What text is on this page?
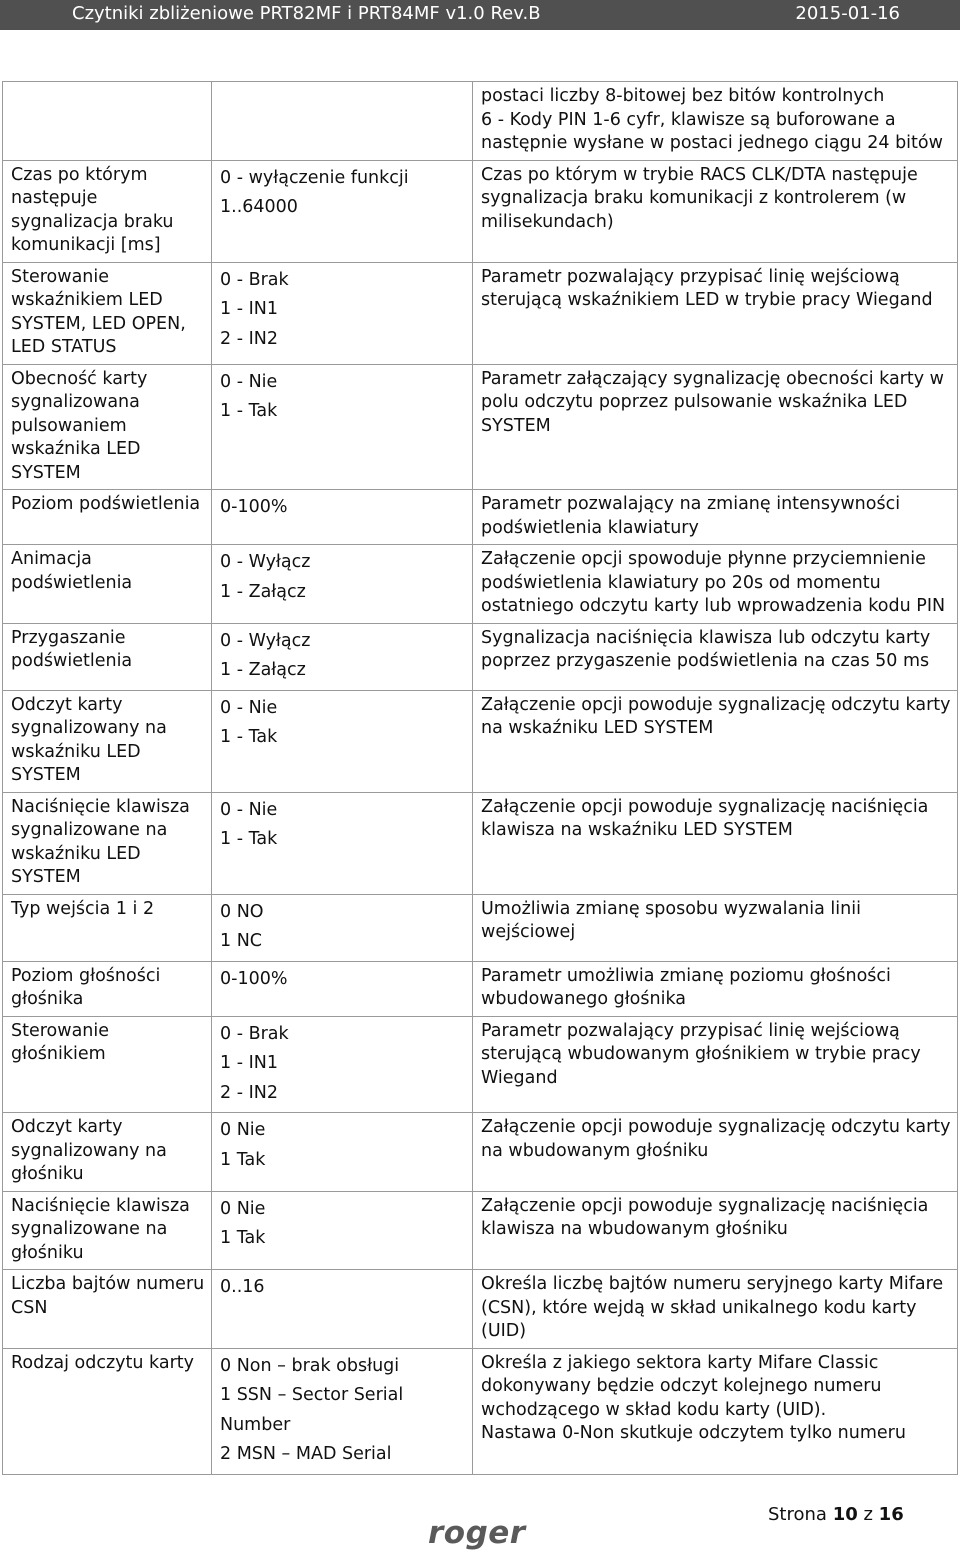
Czytniki zbliżeniowe PRT82MF i PRT84MF v1.0 Rev.B	2015-01-16

		postaci liczby 8-bitowej bez bitów kontrolnych
6 - Kody PIN 1-6 cyfr, klawisze są buforowane a następnie wysłane w postaci jednego ciągu 24 bitów

Czas po którym następuje sygnalizacja braku komunikacji [ms]	0 - wyłączenie funkcji
1..64000	Czas po którym w trybie RACS CLK/DTA następuje sygnalizacja braku komunikacji z kontrolerem (w milisekundach)

Sterowanie wskaźnikiem LED SYSTEM, LED OPEN, LED STATUS	0 - Brak
1 - IN1
2 - IN2	Parametr pozwalający przypisać linię wejściową sterującą wskaźnikiem LED w trybie pracy Wiegand

Obecność karty sygnalizowana pulsowaniem wskaźnika LED SYSTEM	0 - Nie
1 - Tak	Parametr załączający sygnalizację obecności karty w polu odczytu poprzez pulsowanie wskaźnika LED SYSTEM

Poziom podświetlenia	0-100%	Parametr pozwalający na zmianę intensywności podświetlenia klawiatury

Animacja podświetlenia	0 - Wyłącz
1 - Załącz	Załączenie opcji spowoduje płynne przyciemnienie podświetlenia klawiatury po 20s od momentu ostatniego odczytu karty lub wprowadzenia kodu PIN

Przygaszanie podświetlenia	0 - Wyłącz
1 - Załącz	Sygnalizacja naciśnięcia klawisza lub odczytu karty poprzez przygaszenie podświetlenia na czas 50 ms

Odczyt karty sygnalizowany na wskaźniku LED SYSTEM	0 - Nie
1 - Tak	Załączenie opcji powoduje sygnalizację odczytu karty na wskaźniku LED SYSTEM

Naciśnięcie klawisza sygnalizowane na wskaźniku LED SYSTEM	0 - Nie
1 - Tak	Załączenie opcji powoduje sygnalizację naciśnięcia klawisza na wskaźniku LED SYSTEM

Typ wejścia 1 i 2	0 NO
1 NC	Umożliwia zmianę sposobu wyzwalania linii wejściowej

Poziom głośności głośnika	0-100%	Parametr umożliwia zmianę poziomu głośności wbudowanego głośnika

Sterowanie głośnikiem	0 - Brak
1 - IN1
2 - IN2	Parametr pozwalający przypisać linię wejściową sterującą wbudowanym głośnikiem w trybie pracy Wiegand

Odczyt karty sygnalizowany na głośniku	0 Nie
1 Tak	Załączenie opcji powoduje sygnalizację odczytu karty na wbudowanym głośniku

Naciśnięcie klawisza sygnalizowane na głośniku	0 Nie
1 Tak	Załączenie opcji powoduje sygnalizację naciśnięcia klawisza na wbudowanym głośniku

Liczba bajtów numeru CSN	0..16	Określa liczbę bajtów numeru seryjnego karty Mifare (CSN), które wejdą w skład unikalnego kodu karty (UID)

Rodzaj odczytu karty	0 Non – brak obsługi
1 SSN – Sector Serial Number
2 MSN – MAD Serial	Określa z jakiego sektora karty Mifare Classic dokonywany będzie odczyt kolejnego numeru wchodzącego w skład kodu karty (UID).
Nastawa 0-Non skutkuje odczytem tylko numeru
Strona 10 z 16
roger
